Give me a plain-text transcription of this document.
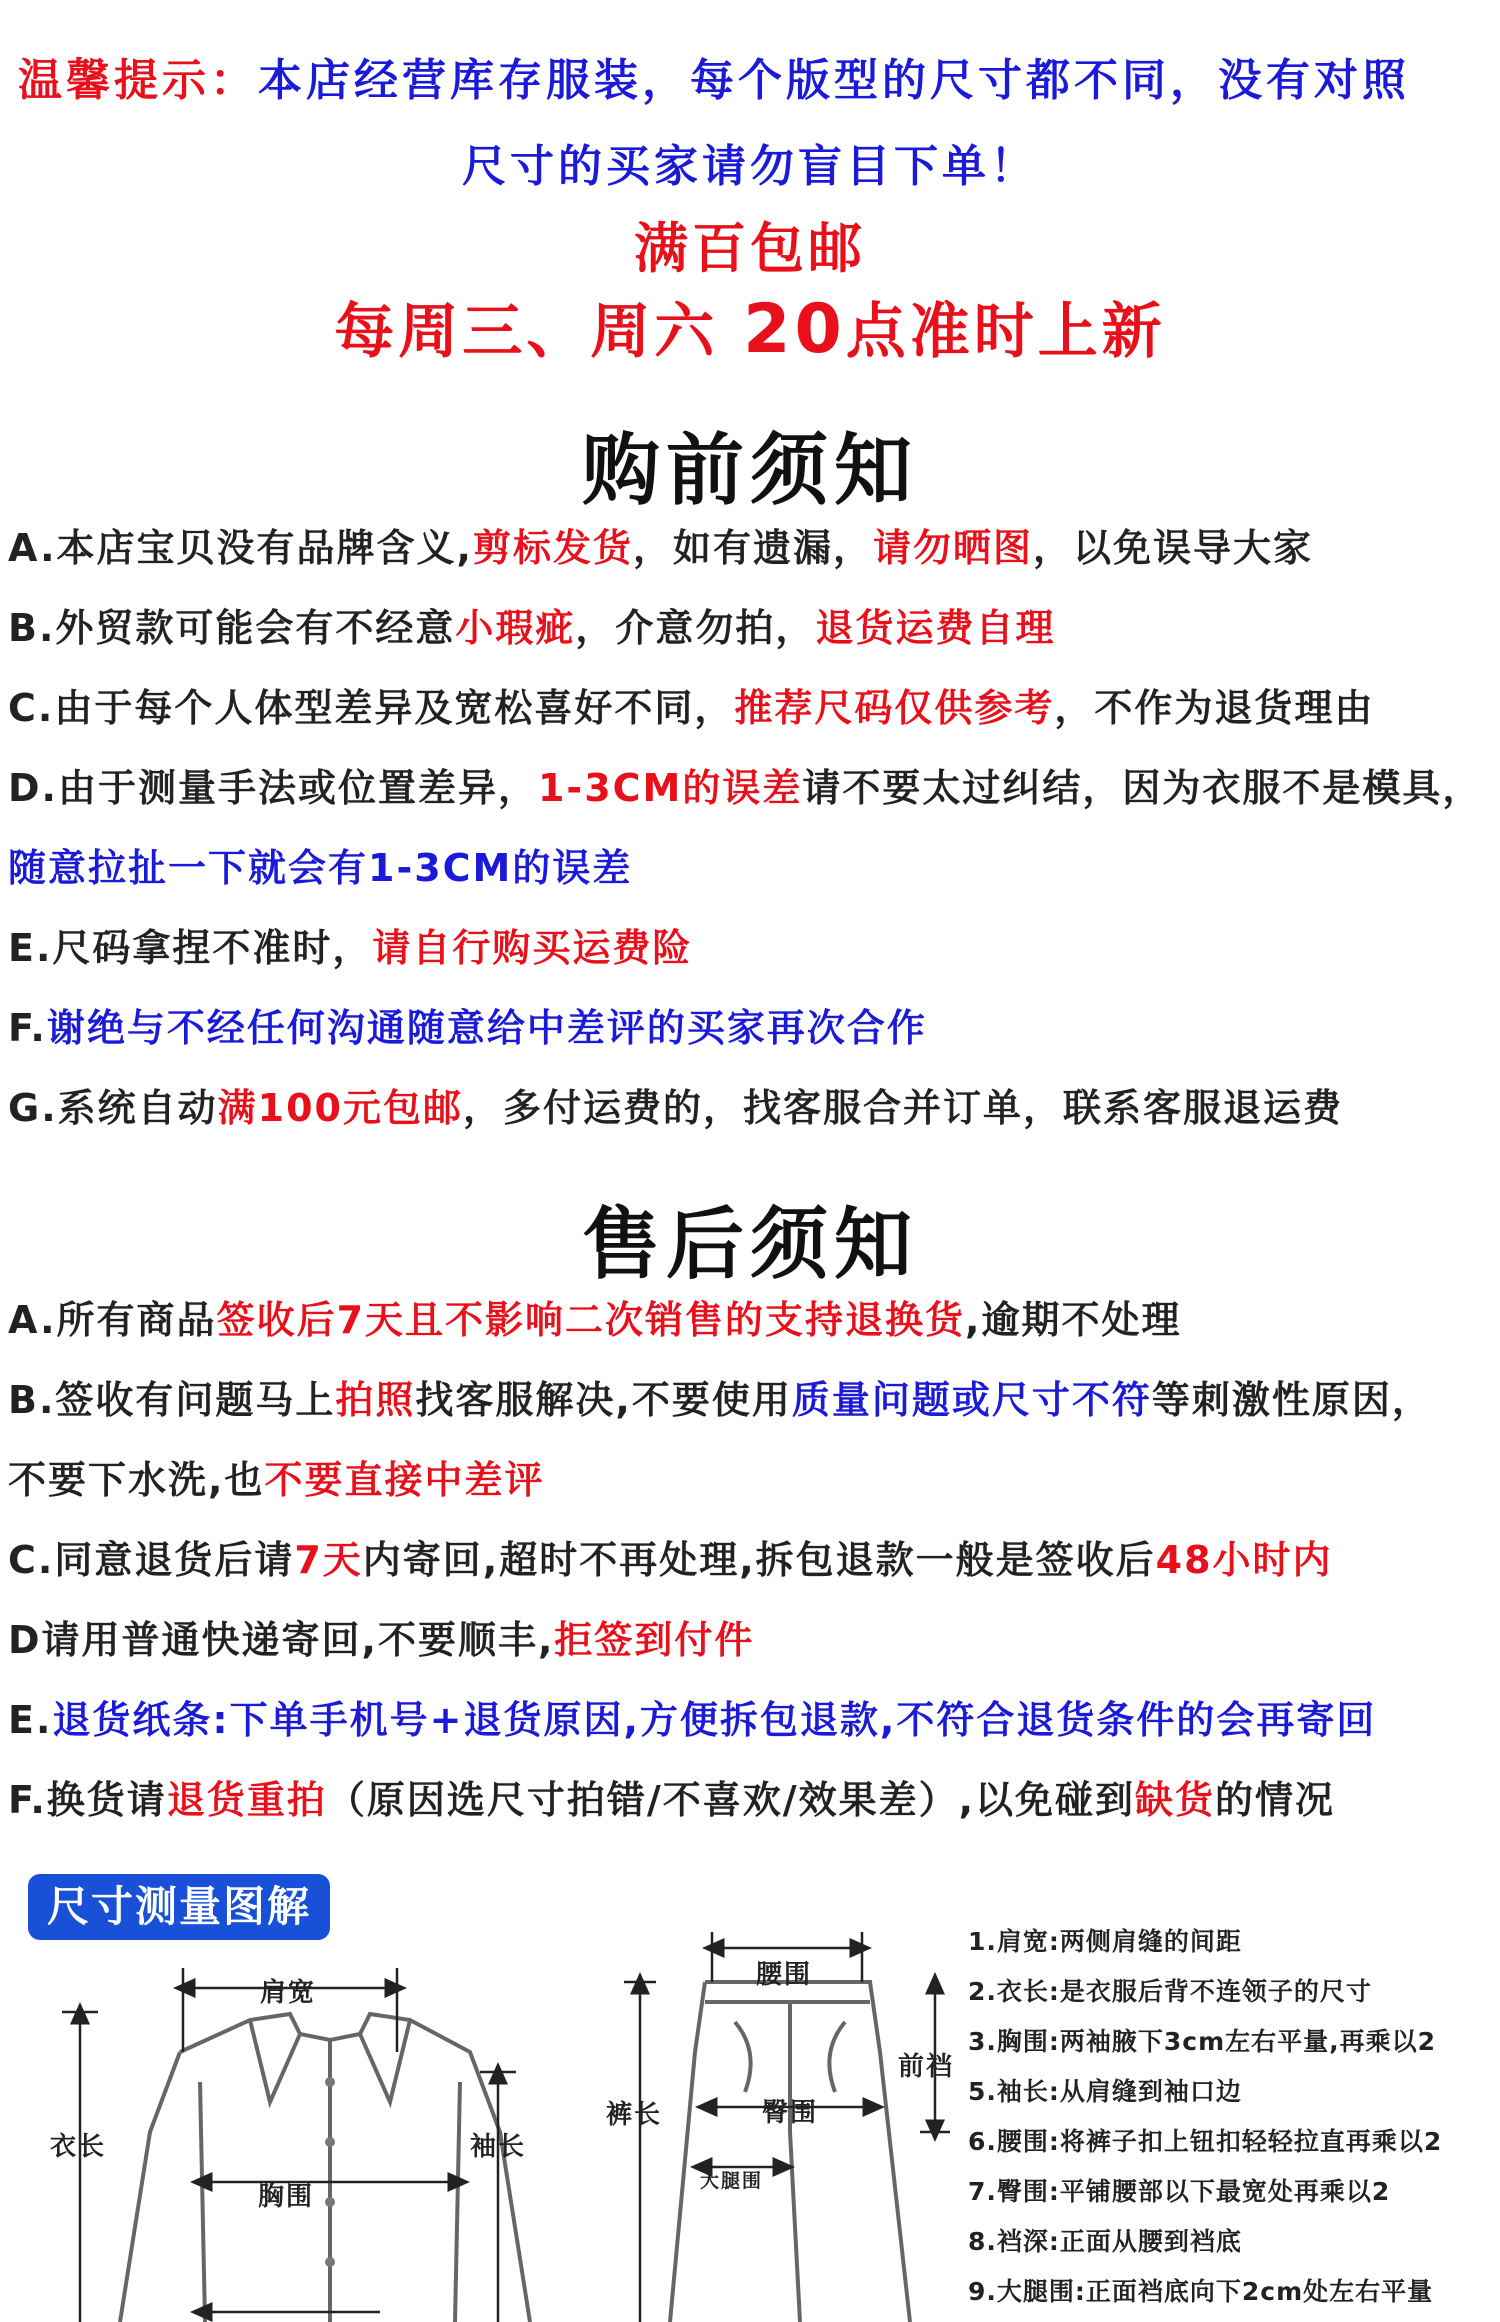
温馨提示：本店经营库存服装，每个版型的尺寸都不同，没有对照
尺寸的买家请勿盲目下单！
满百包邮
每周三、周六 20点准时上新
购前须知
A.本店宝贝没有品牌含义,剪标发货，如有遗漏，请勿晒图，以免误导大家
B.外贸款可能会有不经意小瑕疵，介意勿拍，退货运费自理
C.由于每个人体型差异及宽松喜好不同，推荐尺码仅供参考，不作为退货理由
D.由于测量手法或位置差异，1-3CM的误差请不要太过纠结，因为衣服不是模具，
随意拉扯一下就会有1-3CM的误差
E.尺码拿捏不准时，请自行购买运费险
F.谢绝与不经任何沟通随意给中差评的买家再次合作
G.系统自动满100元包邮，多付运费的，找客服合并订单，联系客服退运费
售后须知
A.所有商品签收后7天且不影响二次销售的支持退换货,逾期不处理
B.签收有问题马上拍照找客服解决,不要使用质量问题或尺寸不符等刺激性原因，
不要下水洗,也不要直接中差评
C.同意退货后请7天内寄回,超时不再处理,拆包退款一般是签收后48小时内
D请用普通快递寄回,不要顺丰,拒签到付件
E.退货纸条:下单手机号+退货原因,方便拆包退款,不符合退货条件的会再寄回
F.换货请退货重拍（原因选尺寸拍错/不喜欢/效果差）,以免碰到缺货的情况
尺寸测量图解
肩宽
衣长	袖长
胸围
腰围
裤长
前裆
臀围
大腿围
1.肩宽:两侧肩缝的间距
2.衣长:是衣服后背不连领子的尺寸
3.胸围:两袖腋下3cm左右平量,再乘以2
5.袖长:从肩缝到袖口边
6.腰围:将裤子扣上钮扣轻轻拉直再乘以2
7.臀围:平铺腰部以下最宽处再乘以2
8.裆深:正面从腰到裆底
9.大腿围:正面裆底向下2cm处左右平量
